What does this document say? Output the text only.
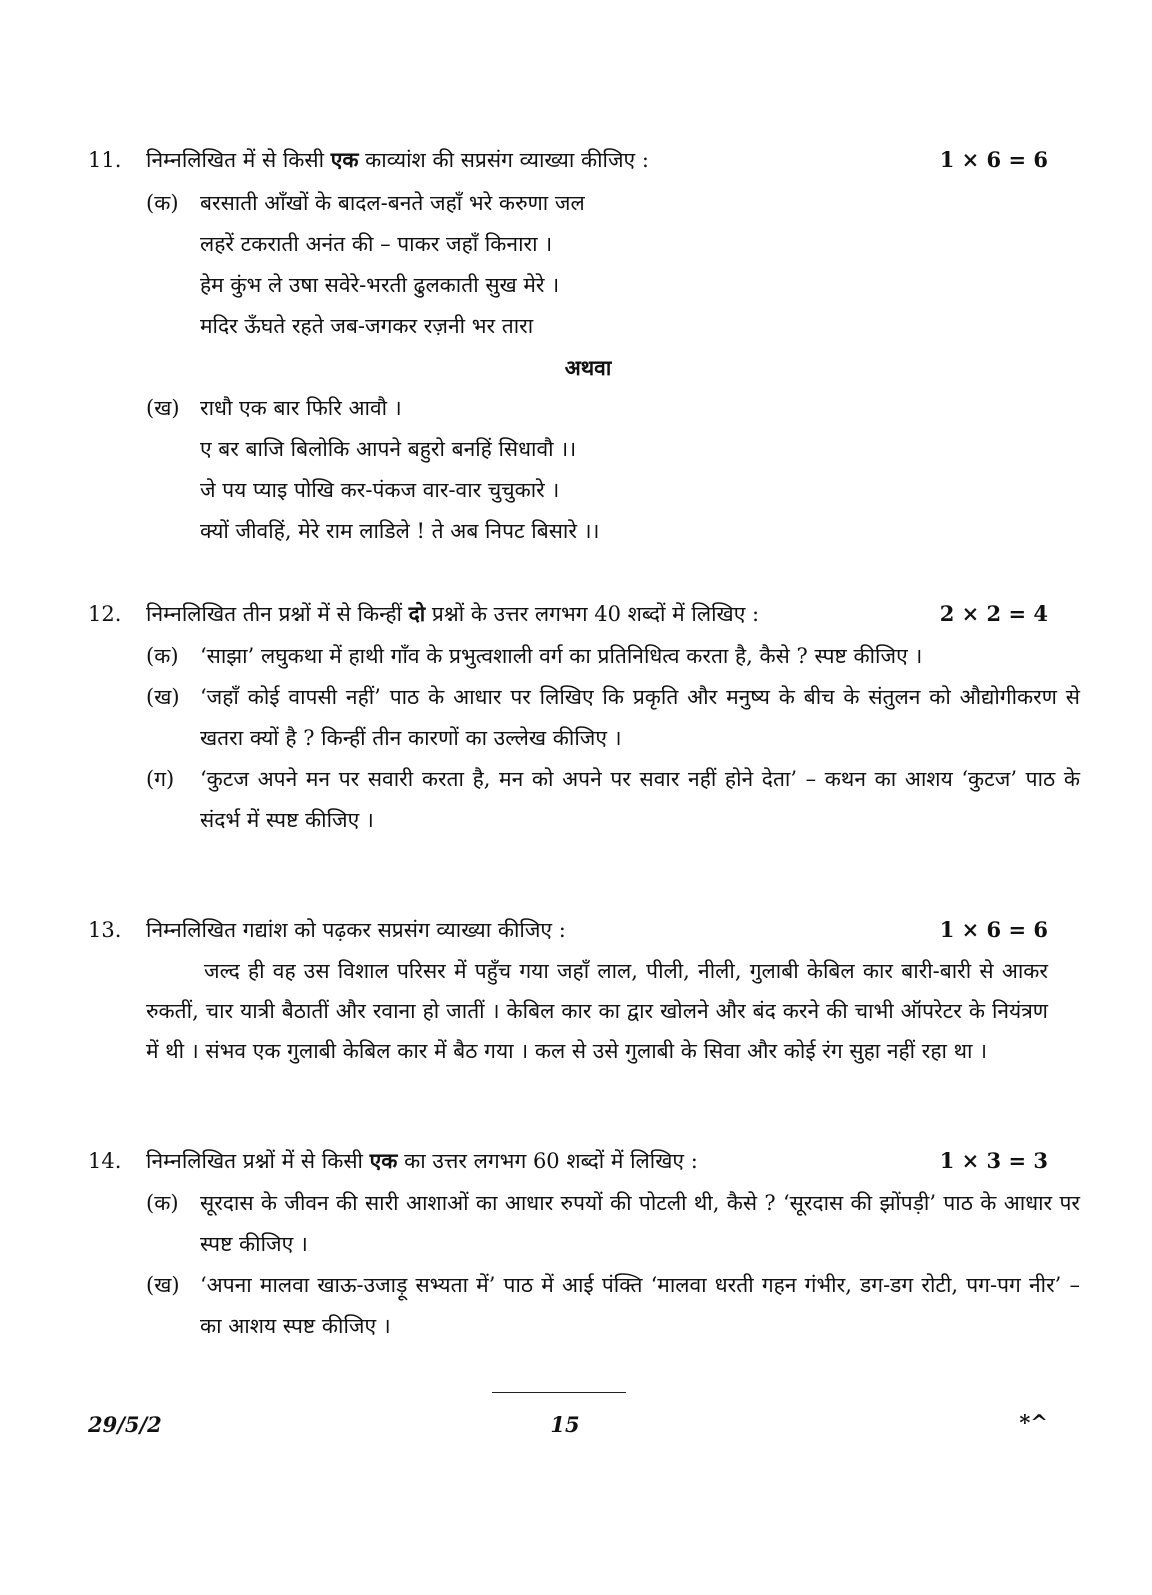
11. निम्नलिखित में से किसी एक काव्यांश की सप्रसंग व्याख्या कीजिए :	1 × 6 = 6
(क) बरसाती आँखों के बादल-बनते जहाँ भरे करुणा जल
लहरें टकराती अनंत की – पाकर जहाँ किनारा ।
हेम कुंभ ले उषा सवेरे-भरती ढुलकाती सुख मेरे ।
मदिर ऊँघते रहते जब-जगकर रज़नी भर तारा
अथवा
(ख) राधौ एक बार फिरि आवौ ।
ए बर बाजि बिलोकि आपने बहुरो बनहिं सिधावौ ।।
जे पय प्याइ पोखि कर-पंकज वार-वार चुचुकारे ।
क्यों जीवहिं, मेरे राम लाडिले ! ते अब निपट बिसारे ।।
12. निम्नलिखित तीन प्रश्नों में से किन्हीं दो प्रश्नों के उत्तर लगभग 40 शब्दों में लिखिए :	2 × 2 = 4
(क) ‘साझा’ लघुकथा में हाथी गाँव के प्रभुत्वशाली वर्ग का प्रतिनिधित्व करता है, कैसे ? स्पष्ट कीजिए ।
(ख) ‘जहाँ कोई वापसी नहीं’ पाठ के आधार पर लिखिए कि प्रकृति और मनुष्य के बीच के संतुलन को औद्योगीकरण से खतरा क्यों है ? किन्हीं तीन कारणों का उल्लेख कीजिए ।
(ग) ‘कुटज अपने मन पर सवारी करता है, मन को अपने पर सवार नहीं होने देता’ – कथन का आशय ‘कुटज’ पाठ के संदर्भ में स्पष्ट कीजिए ।
13. निम्नलिखित गद्यांश को पढ़कर सप्रसंग व्याख्या कीजिए :	1 × 6 = 6
जल्द ही वह उस विशाल परिसर में पहुँच गया जहाँ लाल, पीली, नीली, गुलाबी केबिल कार बारी-बारी से आकर रुकतीं, चार यात्री बैठातीं और रवाना हो जातीं । केबिल कार का द्वार खोलने और बंद करने की चाभी ऑपरेटर के नियंत्रण में थी । संभव एक गुलाबी केबिल कार में बैठ गया । कल से उसे गुलाबी के सिवा और कोई रंग सुहा नहीं रहा था ।
14. निम्नलिखित प्रश्नों में से किसी एक का उत्तर लगभग 60 शब्दों में लिखिए :	1 × 3 = 3
(क) सूरदास के जीवन की सारी आशाओं का आधार रुपयों की पोटली थी, कैसे ? ‘सूरदास की झोंपड़ी’ पाठ के आधार पर स्पष्ट कीजिए ।
(ख) ‘अपना मालवा खाऊ-उजाड़ू सभ्यता में’ पाठ में आई पंक्ति ‘मालवा धरती गहन गंभीर, डग-डग रोटी, पग-पग नीर’ – का आशय स्पष्ट कीजिए ।
29/5/2	15	*^
